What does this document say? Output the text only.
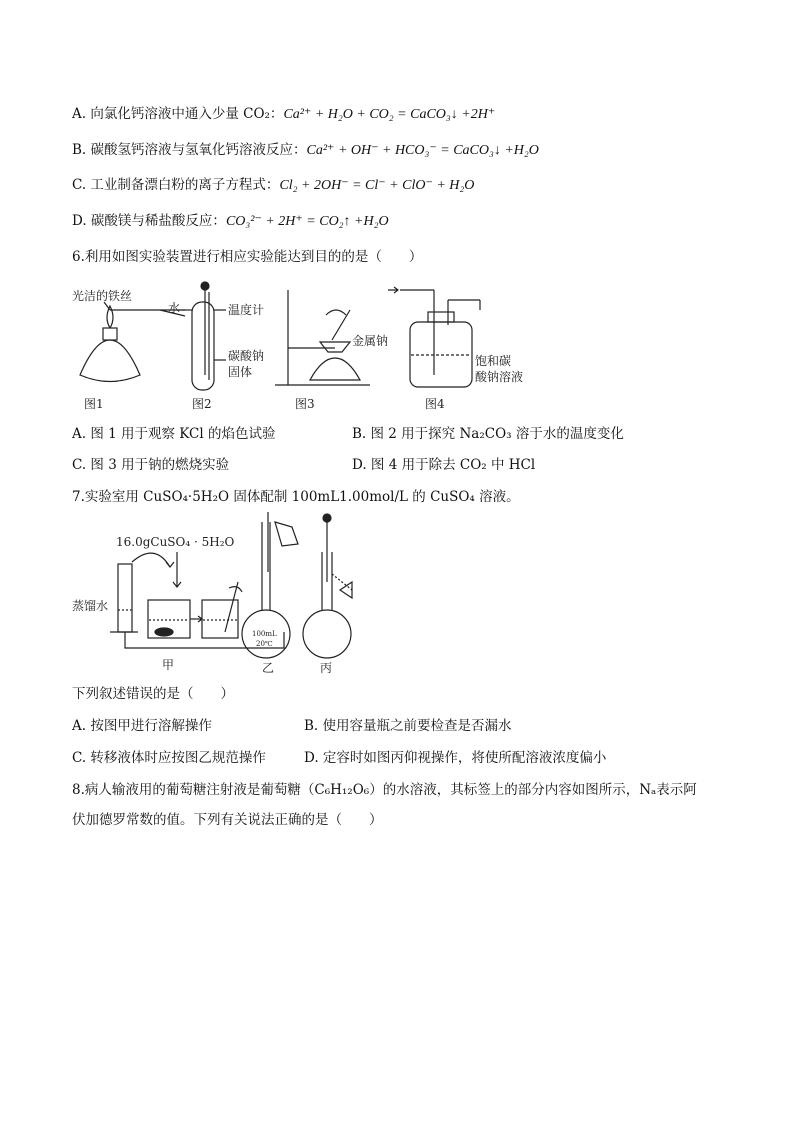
A. 向氯化钙溶液中通入少量 CO₂：Ca²⁺ + H₂O + CO₂ = CaCO₃↓ +2H⁺
B. 碳酸氢钙溶液与氢氧化钙溶液反应：Ca²⁺ + OH⁻ + HCO₃⁻ = CaCO₃↓ +H₂O
C. 工业制备漂白粉的离子方程式：Cl₂ + 2OH⁻ = Cl⁻ + ClO⁻ + H₂O
D. 碳酸镁与稀盐酸反应：CO₃²⁻ + 2H⁺ = CO₂↑ +H₂O
6.利用如图实验装置进行相应实验能达到目的的是（　　）
光洁的铁丝
水	温度计
碳酸钠
固体
金属钠
饱和碳
酸钠溶液
图1	图2	图3	图4
A. 图 1 用于观察 KCl 的焰色试验	B. 图 2 用于探究 Na₂CO₃ 溶于水的温度变化
C. 图 3 用于钠的燃烧实验	D. 图 4 用于除去 CO₂ 中 HCl
7.实验室用 CuSO₄·5H₂O 固体配制 100mL1.00mol/L 的 CuSO₄ 溶液。
16.0gCuSO₄ · 5H₂O
蒸馏水
甲	乙	丙
100mL
20℃
下列叙述错误的是（　　）
A. 按图甲进行溶解操作	B. 使用容量瓶之前要检查是否漏水
C. 转移液体时应按图乙规范操作	D. 定容时如图丙仰视操作，将使所配溶液浓度偏小
8.病人输液用的葡萄糖注射液是葡萄糖（C₆H₁₂O₆）的水溶液，其标签上的部分内容如图所示，Nₐ表示阿
伏加德罗常数的值。下列有关说法正确的是（　　）
